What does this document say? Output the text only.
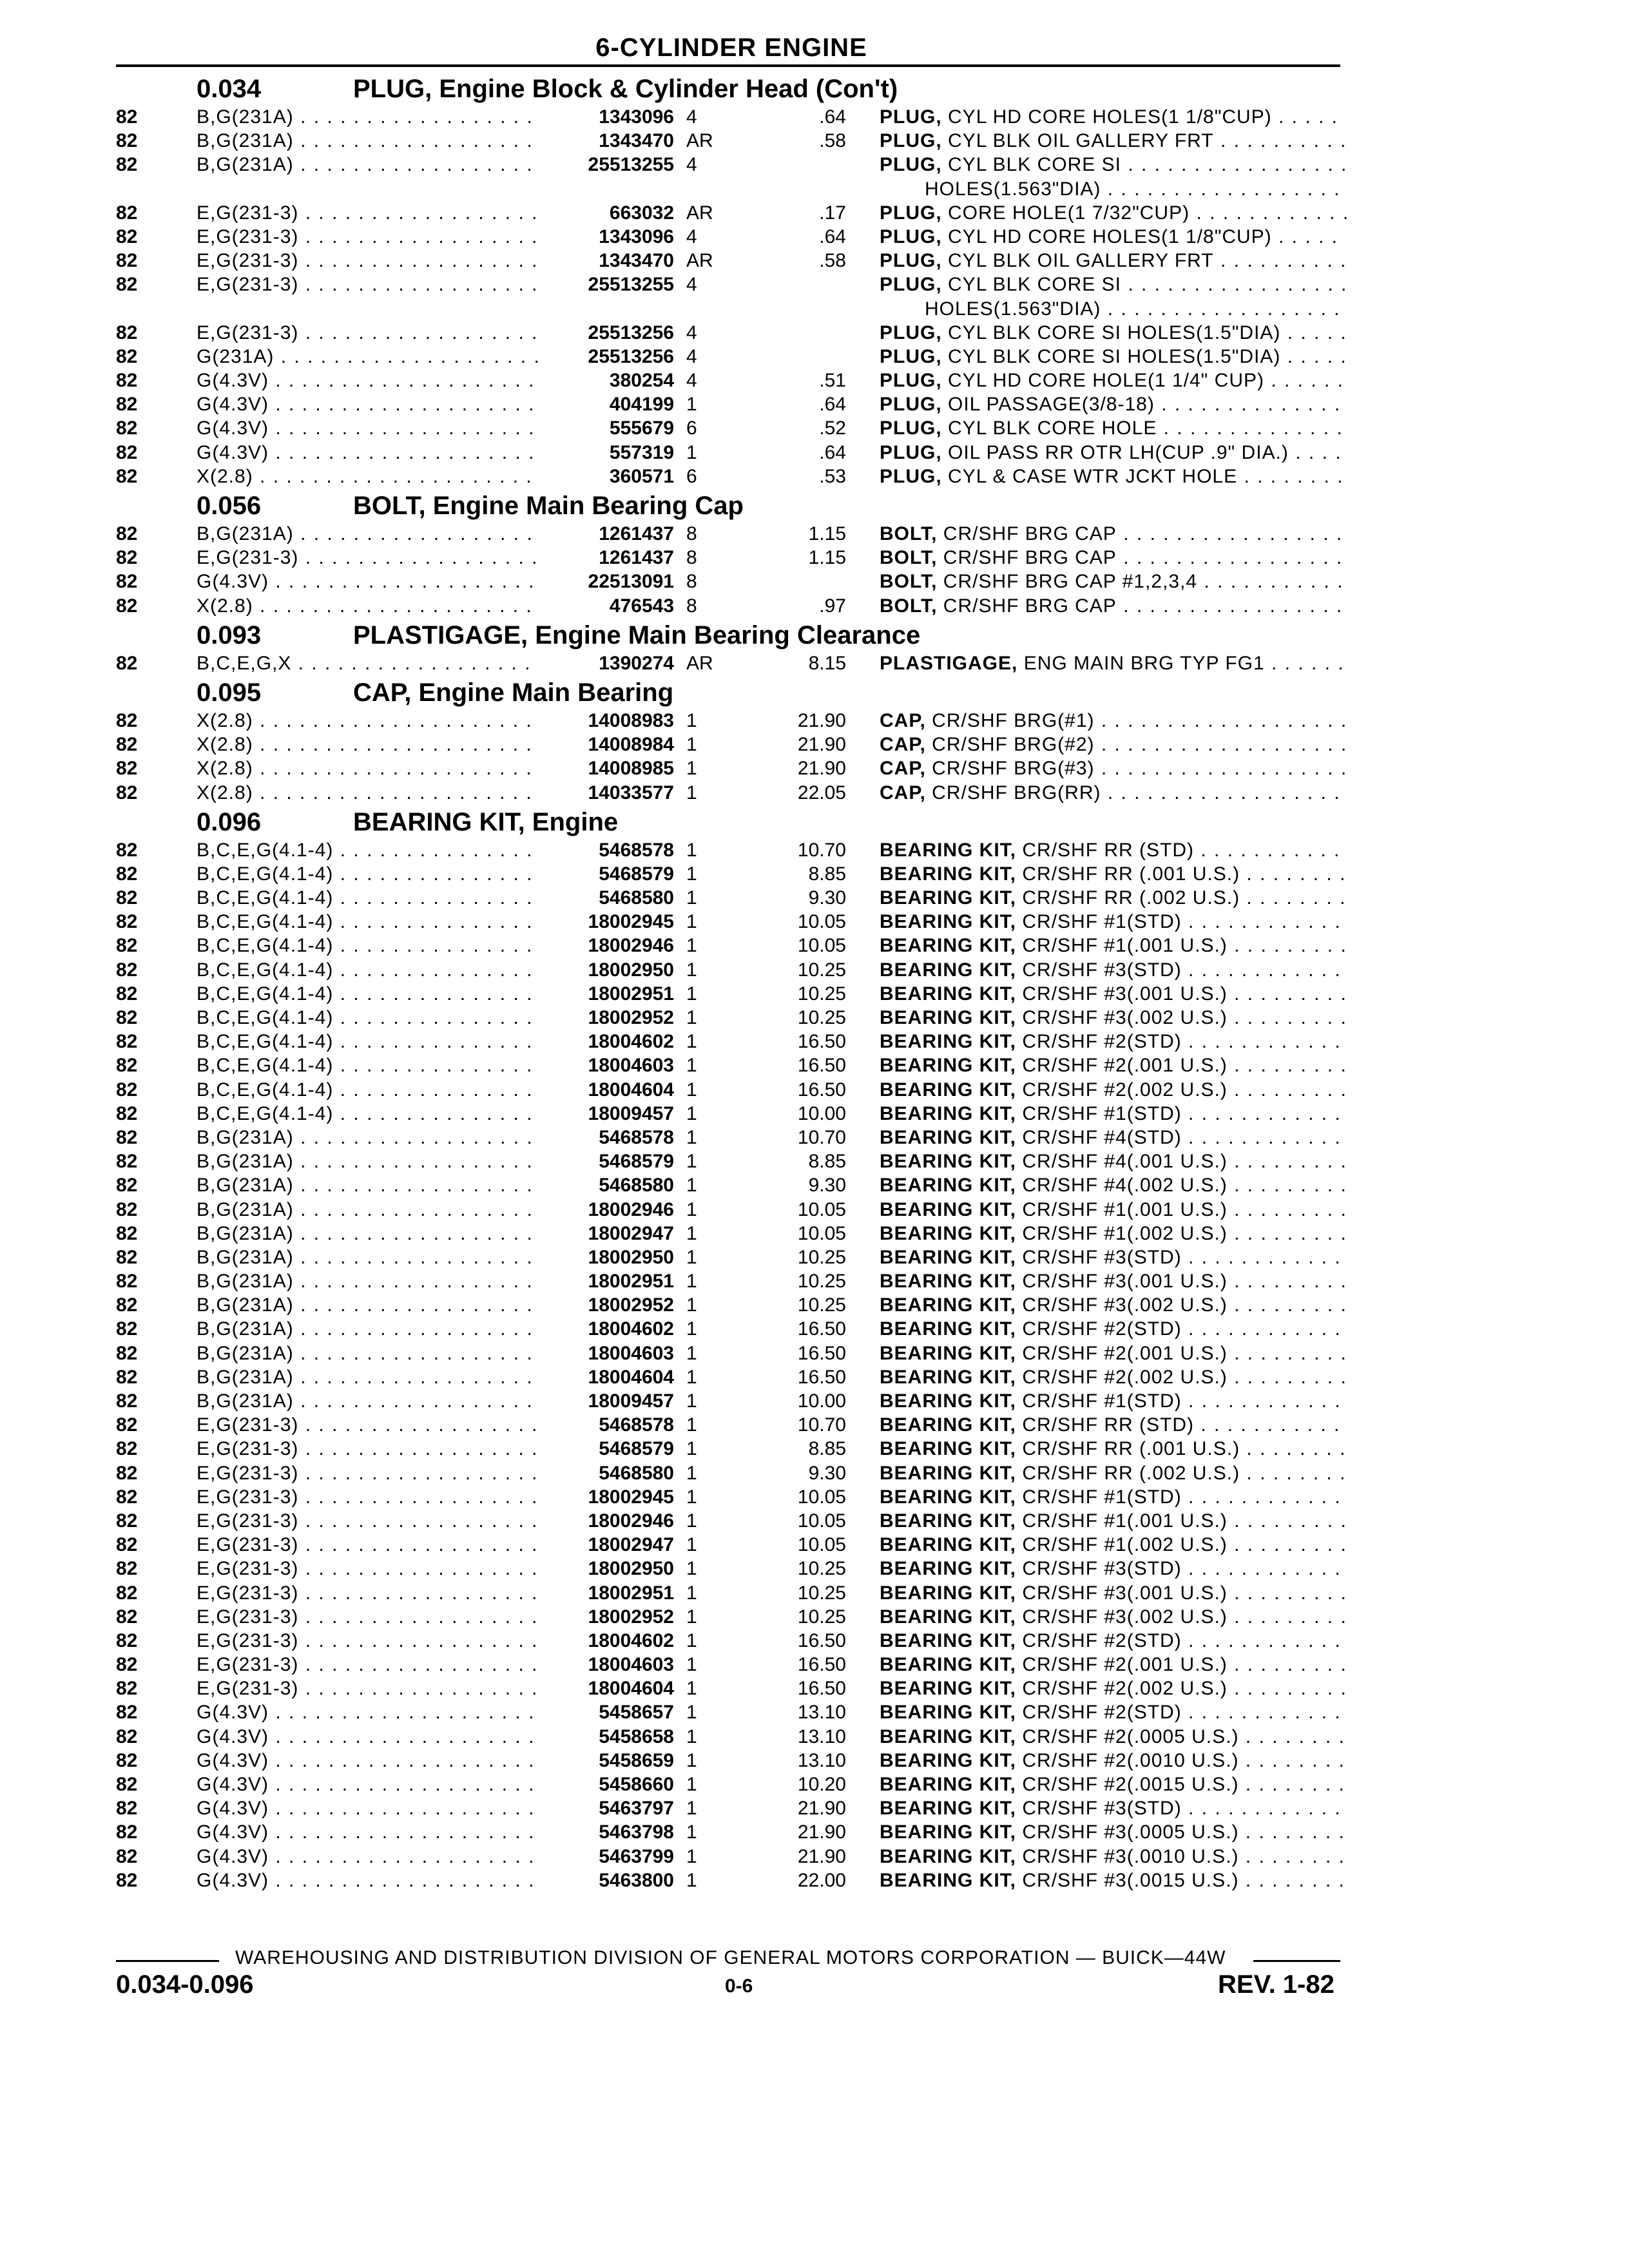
6-CYLINDER ENGINE
0.034	PLUG, Engine Block & Cylinder Head (Con't)
82	B,G(231A) . . .	1343096 4	.64 PLUG, CYL HD CORE HOLES(1 1/8"CUP) . . .
82	B,G(231A) . . .	1343470 AR	.58 PLUG, CYL BLK OIL GALLERY FRT . . .
82	B,G(231A) . . .	25513255 4	PLUG, CYL BLK CORE SI . . .
HOLES(1.563"DIA) . . .
82	E,G(231-3) . . .	663032 AR	.17 PLUG, CORE HOLE(1 7/32"CUP) . . .
82	E,G(231-3) . . .	1343096 4	.64 PLUG, CYL HD CORE HOLES(1 1/8"CUP) . . .
82	E,G(231-3) . . .	1343470 AR	.58 PLUG, CYL BLK OIL GALLERY FRT . . .
82	E,G(231-3) . . .	25513255 4	PLUG, CYL BLK CORE SI . . .
HOLES(1.563"DIA) . . .
82	E,G(231-3) . . .	25513256 4	PLUG, CYL BLK CORE SI HOLES(1.5"DIA) . . .
82	G(231A) . . .	25513256 4	PLUG, CYL BLK CORE SI HOLES(1.5"DIA) . . .
82	G(4.3V) . . .	380254 4	.51 PLUG, CYL HD CORE HOLE(1 1/4" CUP) . . .
82	G(4.3V) . . .	404199 1	.64 PLUG, OIL PASSAGE(3/8-18) . . .
82	G(4.3V) . . .	555679 6	.52 PLUG, CYL BLK CORE HOLE . . .
82	G(4.3V) . . .	557319 1	.64 PLUG, OIL PASS RR OTR LH(CUP .9" DIA.) . . .
82	X(2.8) . . .	360571 6	.53 PLUG, CYL & CASE WTR JCKT HOLE . . .
0.056	BOLT, Engine Main Bearing Cap
82	B,G(231A) . . .	1261437 8	1.15 BOLT, CR/SHF BRG CAP . . .
82	E,G(231-3) . . .	1261437 8	1.15 BOLT, CR/SHF BRG CAP . . .
82	G(4.3V) . . .	22513091 8	BOLT, CR/SHF BRG CAP #1,2,3,4 . . .
82	X(2.8) . . .	476543 8	.97 BOLT, CR/SHF BRG CAP . . .
0.093	PLASTIGAGE, Engine Main Bearing Clearance
82	B,C,E,G,X . . .	1390274 AR	8.15 PLASTIGAGE, ENG MAIN BRG TYP FG1 . . .
0.095	CAP, Engine Main Bearing
82	X(2.8) . . .	14008983 1	21.90 CAP, CR/SHF BRG(#1) . . .
82	X(2.8) . . .	14008984 1	21.90 CAP, CR/SHF BRG(#2) . . .
82	X(2.8) . . .	14008985 1	21.90 CAP, CR/SHF BRG(#3) . . .
82	X(2.8) . . .	14033577 1	22.05 CAP, CR/SHF BRG(RR) . . .
0.096	BEARING KIT, Engine
82	B,C,E,G(4.1-4) . . .	5468578 1	10.70 BEARING KIT, CR/SHF RR (STD) . . .
82	B,C,E,G(4.1-4) . . .	5468579 1	8.85 BEARING KIT, CR/SHF RR (.001 U.S.) . . .
82	B,C,E,G(4.1-4) . . .	5468580 1	9.30 BEARING KIT, CR/SHF RR (.002 U.S.) . . .
82	B,C,E,G(4.1-4) . . .	18002945 1	10.05 BEARING KIT, CR/SHF #1(STD) . . .
82	B,C,E,G(4.1-4) . . .	18002946 1	10.05 BEARING KIT, CR/SHF #1(.001 U.S.) . . .
82	B,C,E,G(4.1-4) . . .	18002950 1	10.25 BEARING KIT, CR/SHF #3(STD) . . .
82	B,C,E,G(4.1-4) . . .	18002951 1	10.25 BEARING KIT, CR/SHF #3(.001 U.S.) . . .
82	B,C,E,G(4.1-4) . . .	18002952 1	10.25 BEARING KIT, CR/SHF #3(.002 U.S.) . . .
82	B,C,E,G(4.1-4) . . .	18004602 1	16.50 BEARING KIT, CR/SHF #2(STD) . . .
82	B,C,E,G(4.1-4) . . .	18004603 1	16.50 BEARING KIT, CR/SHF #2(.001 U.S.) . . .
82	B,C,E,G(4.1-4) . . .	18004604 1	16.50 BEARING KIT, CR/SHF #2(.002 U.S.) . . .
82	B,C,E,G(4.1-4) . . .	18009457 1	10.00 BEARING KIT, CR/SHF #1(STD) . . .
82	B,G(231A) . . .	5468578 1	10.70 BEARING KIT, CR/SHF #4(STD) . . .
82	B,G(231A) . . .	5468579 1	8.85 BEARING KIT, CR/SHF #4(.001 U.S.) . . .
82	B,G(231A) . . .	5468580 1	9.30 BEARING KIT, CR/SHF #4(.002 U.S.) . . .
82	B,G(231A) . . .	18002946 1	10.05 BEARING KIT, CR/SHF #1(.001 U.S.) . . .
82	B,G(231A) . . .	18002947 1	10.05 BEARING KIT, CR/SHF #1(.002 U.S.) . . .
82	B,G(231A) . . .	18002950 1	10.25 BEARING KIT, CR/SHF #3(STD) . . .
82	B,G(231A) . . .	18002951 1	10.25 BEARING KIT, CR/SHF #3(.001 U.S.) . . .
82	B,G(231A) . . .	18002952 1	10.25 BEARING KIT, CR/SHF #3(.002 U.S.) . . .
82	B,G(231A) . . .	18004602 1	16.50 BEARING KIT, CR/SHF #2(STD) . . .
82	B,G(231A) . . .	18004603 1	16.50 BEARING KIT, CR/SHF #2(.001 U.S.) . . .
82	B,G(231A) . . .	18004604 1	16.50 BEARING KIT, CR/SHF #2(.002 U.S.) . . .
82	B,G(231A) . . .	18009457 1	10.00 BEARING KIT, CR/SHF #1(STD) . . .
82	E,G(231-3) . . .	5468578 1	10.70 BEARING KIT, CR/SHF RR (STD) . . .
82	E,G(231-3) . . .	5468579 1	8.85 BEARING KIT, CR/SHF RR (.001 U.S.) . . .
82	E,G(231-3) . . .	5468580 1	9.30 BEARING KIT, CR/SHF RR (.002 U.S.) . . .
82	E,G(231-3) . . .	18002945 1	10.05 BEARING KIT, CR/SHF #1(STD) . . .
82	E,G(231-3) . . .	18002946 1	10.05 BEARING KIT, CR/SHF #1(.001 U.S.) . . .
82	E,G(231-3) . . .	18002947 1	10.05 BEARING KIT, CR/SHF #1(.002 U.S.) . . .
82	E,G(231-3) . . .	18002950 1	10.25 BEARING KIT, CR/SHF #3(STD) . . .
82	E,G(231-3) . . .	18002951 1	10.25 BEARING KIT, CR/SHF #3(.001 U.S.) . . .
82	E,G(231-3) . . .	18002952 1	10.25 BEARING KIT, CR/SHF #3(.002 U.S.) . . .
82	E,G(231-3) . . .	18004602 1	16.50 BEARING KIT, CR/SHF #2(STD) . . .
82	E,G(231-3) . . .	18004603 1	16.50 BEARING KIT, CR/SHF #2(.001 U.S.) . . .
82	E,G(231-3) . . .	18004604 1	16.50 BEARING KIT, CR/SHF #2(.002 U.S.) . . .
82	G(4.3V) . . .	5458657 1	13.10 BEARING KIT, CR/SHF #2(STD) . . .
82	G(4.3V) . . .	5458658 1	13.10 BEARING KIT, CR/SHF #2(.0005 U.S.) . . .
82	G(4.3V) . . .	5458659 1	13.10 BEARING KIT, CR/SHF #2(.0010 U.S.) . . .
82	G(4.3V) . . .	5458660 1	10.20 BEARING KIT, CR/SHF #2(.0015 U.S.) . . .
82	G(4.3V) . . .	5463797 1	21.90 BEARING KIT, CR/SHF #3(STD) . . .
82	G(4.3V) . . .	5463798 1	21.90 BEARING KIT, CR/SHF #3(.0005 U.S.) . . .
82	G(4.3V) . . .	5463799 1	21.90 BEARING KIT, CR/SHF #3(.0010 U.S.) . . .
82	G(4.3V) . . .	5463800 1	22.00 BEARING KIT, CR/SHF #3(.0015 U.S.) . . .
WAREHOUSING AND DISTRIBUTION DIVISION OF GENERAL MOTORS CORPORATION — BUICK—44W
0.034-0.096	0-6	REV. 1-82
